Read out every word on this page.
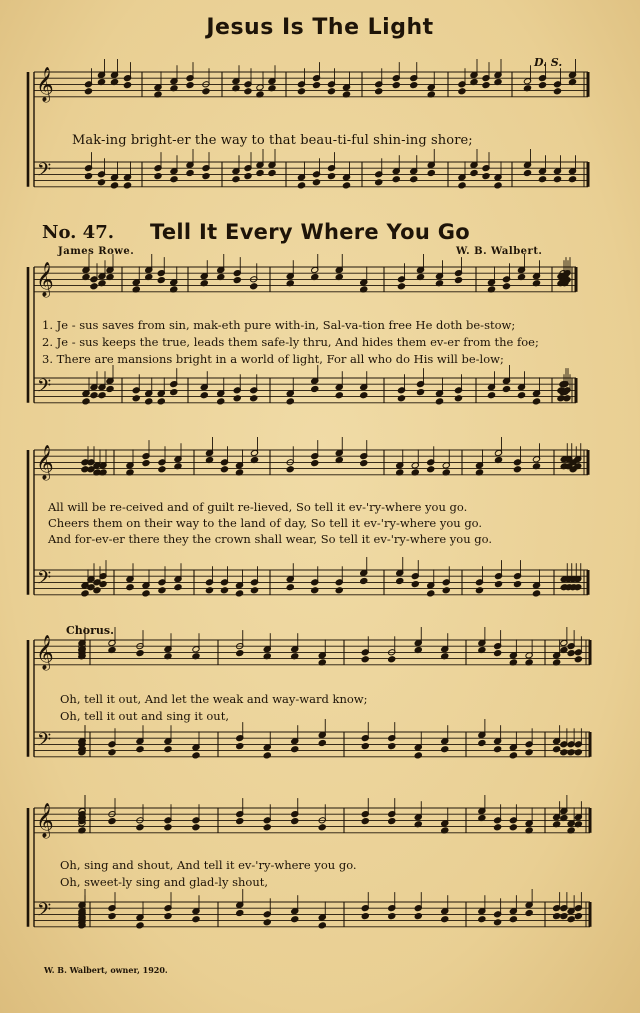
𝄞
𝄢
𝄞
𝄢
𝄞
𝄢
𝄞
𝄢
𝄞
𝄢
Jesus Is The Light
D. S.
Mak-ing bright-er the way to that beau-ti-ful shin-ing shore;
No. 47. Tell It Every Where You Go
James Rowe.	W. B. Walbert.
1. Je - sus saves from sin, mak-eth pure with-in, Sal-va-tion free He doth be-stow;
2. Je - sus keeps the true, leads them safe-ly thru, And hides them ev-er from the foe;
3. There are mansions bright in a world of light, For all who do His will be-low;
All will be re-ceived and of guilt re-lieved, So tell it ev-'ry-where you go.
Cheers them on their way to the land of day, So tell it ev-'ry-where you go.
And for-ev-er there they the crown shall wear, So tell it ev-'ry-where you go.
Chorus.
Oh, tell it out, And let the weak and way-ward know;
Oh, tell it out and sing it out,
Oh, sing and shout, And tell it ev-'ry-where you go.
Oh, sweet-ly sing and glad-ly shout,
W. B. Walbert, owner, 1920.
